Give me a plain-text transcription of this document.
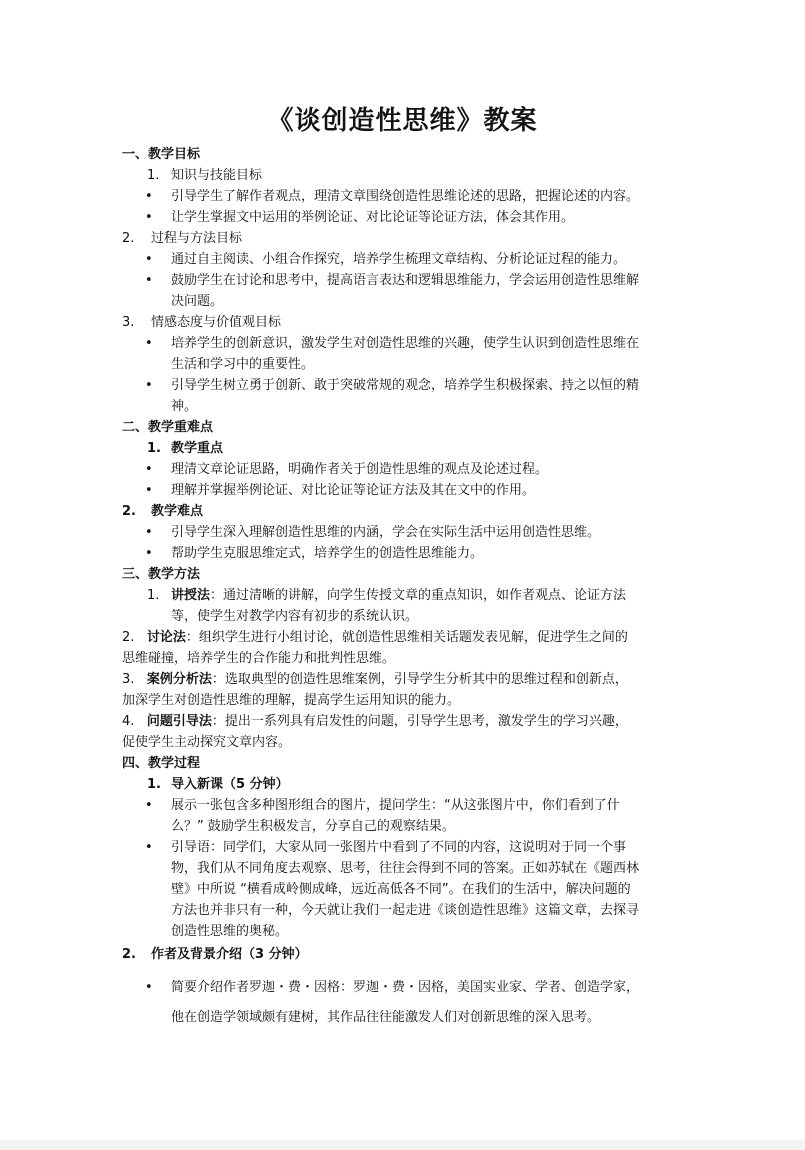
《谈创造性思维》教案
一、教学目标
1. 知识与技能目标
• 引导学生了解作者观点，理清文章围绕创造性思维论述的思路，把握论述的内容。
• 让学生掌握文中运用的举例论证、对比论证等论证方法，体会其作用。
2.	过程与方法目标
• 通过自主阅读、小组合作探究，培养学生梳理文章结构、分析论证过程的能力。
• 鼓励学生在讨论和思考中，提高语言表达和逻辑思维能力，学会运用创造性思维解
决问题。
3.	情感态度与价值观目标
• 培养学生的创新意识，激发学生对创造性思维的兴趣，使学生认识到创造性思维在
生活和学习中的重要性。
• 引导学生树立勇于创新、敢于突破常规的观念，培养学生积极探索、持之以恒的精
神。
二、教学重难点
1. 教学重点
• 理清文章论证思路，明确作者关于创造性思维的观点及论述过程。
• 理解并掌握举例论证、对比论证等论证方法及其在文中的作用。
2.	教学难点
• 引导学生深入理解创造性思维的内涵，学会在实际生活中运用创造性思维。
• 帮助学生克服思维定式，培养学生的创造性思维能力。
三、教学方法
1. 讲授法：通过清晰的讲解，向学生传授文章的重点知识，如作者观点、论证方法
等，使学生对教学内容有初步的系统认识。
2. 讨论法：组织学生进行小组讨论，就创造性思维相关话题发表见解，促进学生之间的
思维碰撞，培养学生的合作能力和批判性思维。
3. 案例分析法：选取典型的创造性思维案例，引导学生分析其中的思维过程和创新点，
加深学生对创造性思维的理解，提高学生运用知识的能力。
4. 问题引导法：提出一系列具有启发性的问题，引导学生思考，激发学生的学习兴趣，
促使学生主动探究文章内容。
四、教学过程
1. 导入新课（5 分钟）
• 展示一张包含多种图形组合的图片，提问学生：“从这张图片中，你们看到了什
么？” 鼓励学生积极发言，分享自己的观察结果。
• 引导语：同学们，大家从同一张图片中看到了不同的内容，这说明对于同一个事
物，我们从不同角度去观察、思考，往往会得到不同的答案。正如苏轼在《题西林
壁》中所说 “横看成岭侧成峰，远近高低各不同”。在我们的生活中，解决问题的
方法也并非只有一种，今天就让我们一起走进《谈创造性思维》这篇文章，去探寻
创造性思维的奥秘。
2.	作者及背景介绍（3 分钟）
• 简要介绍作者罗迦・费・因格：罗迦・费・因格，美国实业家、学者、创造学家，
他在创造学领域颇有建树，其作品往往能激发人们对创新思维的深入思考。
